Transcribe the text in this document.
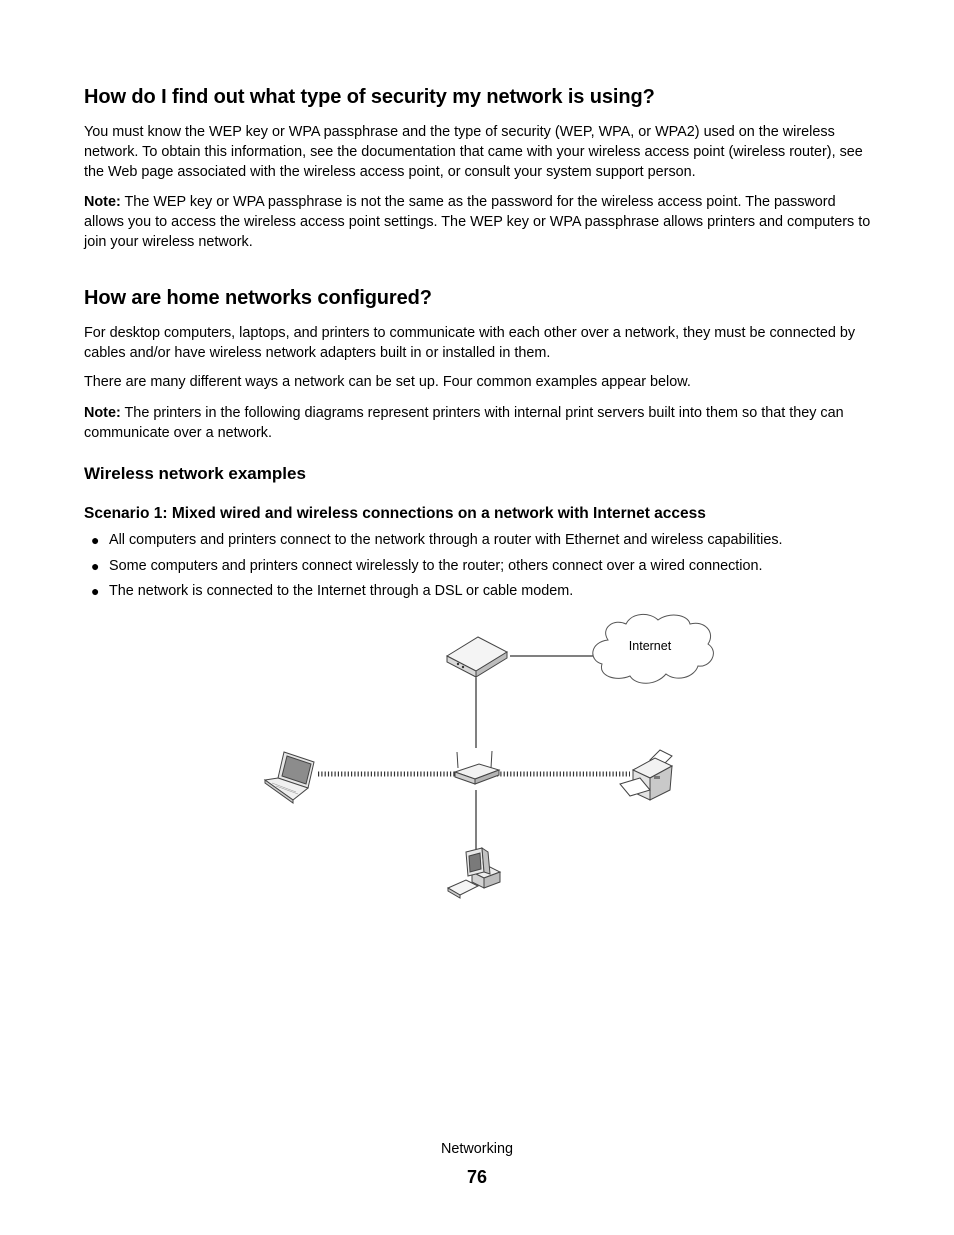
How do I find out what type of security my network is using?

You must know the WEP key or WPA passphrase and the type of security (WEP, WPA, or WPA2) used on the wireless network. To obtain this information, see the documentation that came with your wireless access point (wireless router), see the Web page associated with the wireless access point, or consult your system support person.

Note: The WEP key or WPA passphrase is not the same as the password for the wireless access point. The password allows you to access the wireless access point settings. The WEP key or WPA passphrase allows printers and computers to join your wireless network.

How are home networks configured?

For desktop computers, laptops, and printers to communicate with each other over a network, they must be connected by cables and/or have wireless network adapters built in or installed in them.

There are many different ways a network can be set up. Four common examples appear below.

Note: The printers in the following diagrams represent printers with internal print servers built into them so that they can communicate over a network.

Wireless network examples
Scenario 1: Mixed wired and wireless connections on a network with Internet access
● All computers and printers connect to the network through a router with Ethernet and wireless capabilities.
● Some computers and printers connect wirelessly to the router; others connect over a wired connection.
● The network is connected to the Internet through a DSL or cable modem.
Internet
Networking
76
